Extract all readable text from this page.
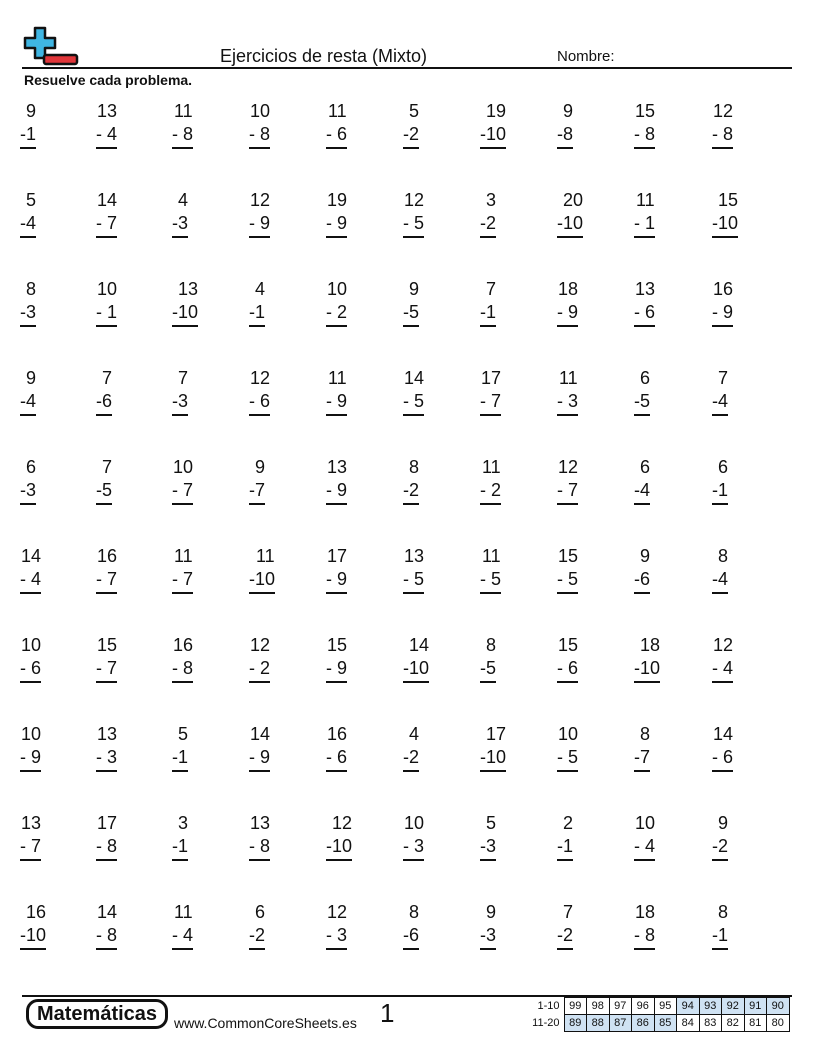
Ejercicios de resta (Mixto)	Nombre:
Resuelve cada problema.
9
-1
13
- 4
11
- 8
10
- 8
11
- 6
5
-2
19
-10
9
-8
15
- 8
12
- 8
5
-4
14
- 7
4
-3
12
- 9
19
- 9
12
- 5
3
-2
20
-10
11
- 1
15
-10
8
-3
10
- 1
13
-10
4
-1
10
- 2
9
-5
7
-1
18
- 9
13
- 6
16
- 9
9
-4
7
-6
7
-3
12
- 6
11
- 9
14
- 5
17
- 7
11
- 3
6
-5
7
-4
6
-3
7
-5
10
- 7
9
-7
13
- 9
8
-2
11
- 2
12
- 7
6
-4
6
-1
14
- 4
16
- 7
11
- 7
11
-10
17
- 9
13
- 5
11
- 5
15
- 5
9
-6
8
-4
10
- 6
15
- 7
16
- 8
12
- 2
15
- 9
14
-10
8
-5
15
- 6
18
-10
12
- 4
10
- 9
13
- 3
5
-1
14
- 9
16
- 6
4
-2
17
-10
10
- 5
8
-7
14
- 6
13
- 7
17
- 8
3
-1
13
- 8
12
-10
10
- 3
5
-3
2
-1
10
- 4
9
-2
16
-10
14
- 8
11
- 4
6
-2
12
- 3
8
-6
9
-3
7
-2
18
- 8
8
-1
Matemáticas	www.CommonCoreSheets.es 1	1-10	99	98	97	96	95	94	93	92	91	90
11-20	89	88	87	86	85	84	83	82	81	80
